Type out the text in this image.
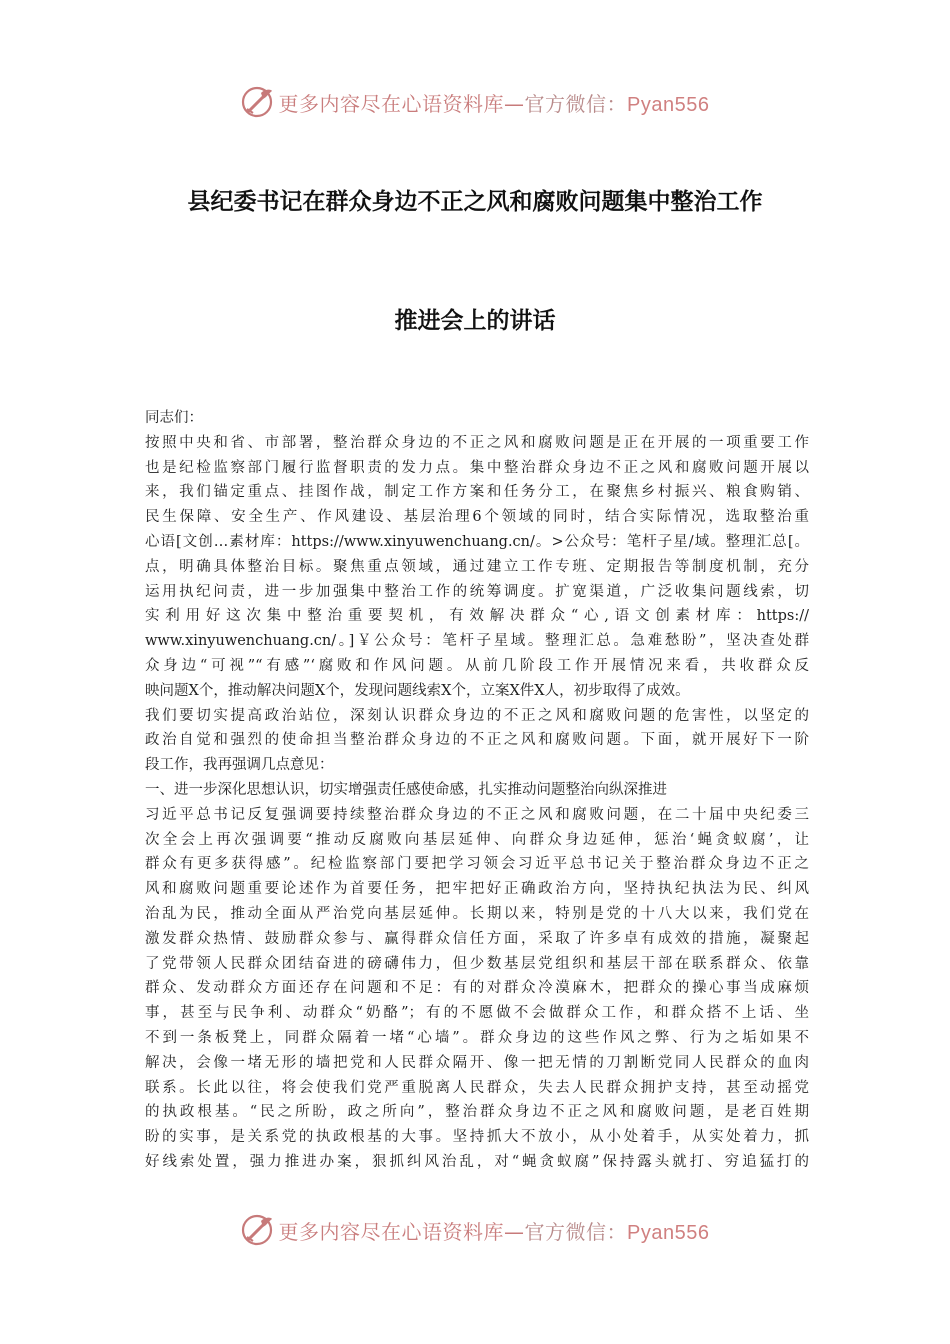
更多内容尽在心语资料库—官方微信：Pyan556
县纪委书记在群众身边不正之风和腐败问题集中整治工作
推进会上的讲话
同志们：
按照中央和省、市部署，整治群众身边的不正之风和腐败问题是正在开展的一项重要工作
也是纪检监察部门履行监督职责的发力点。集中整治群众身边不正之风和腐败问题开展以
来，我们锚定重点、挂图作战，制定工作方案和任务分工，在聚焦乡村振兴、粮食购销、
民生保障、安全生产、作风建设、基层治理6个领域的同时，结合实际情况，选取整治重
心语[文创…素材库：https://www.xinyuwenchuang.cn/。>公众号：笔杆子星/域。整理汇总[。
点，明确具体整治目标。聚焦重点领域，通过建立工作专班、定期报告等制度机制，充分
运用执纪问责，进一步加强集中整治工作的统筹调度。扩宽渠道，广泛收集问题线索，切
实利用好这次集中整治重要契机，有效解决群众“心,语文创素材库：https://
www.xinyuwenchuang.cn/。]￥公众号：笔杆子星域。整理汇总。急难愁盼”，坚决查处群
众身边“可视”“有感”‘腐败和作风问题。从前几阶段工作开展情况来看，共收群众反
映问题X个，推动解决问题X个，发现问题线索X个，立案X件X人，初步取得了成效。
我们要切实提高政治站位，深刻认识群众身边的不正之风和腐败问题的危害性，以坚定的
政治自觉和强烈的使命担当整治群众身边的不正之风和腐败问题。下面，就开展好下一阶
段工作，我再强调几点意见：
一、进一步深化思想认识，切实增强责任感使命感，扎实推动问题整治向纵深推进
习近平总书记反复强调要持续整治群众身边的不正之风和腐败问题，在二十届中央纪委三
次全会上再次强调要“推动反腐败向基层延伸、向群众身边延伸，惩治‘蝇贪蚁腐’，让
群众有更多获得感”。纪检监察部门要把学习领会习近平总书记关于整治群众身边不正之
风和腐败问题重要论述作为首要任务，把牢把好正确政治方向，坚持执纪执法为民、纠风
治乱为民，推动全面从严治党向基层延伸。长期以来，特别是党的十八大以来，我们党在
激发群众热情、鼓励群众参与、赢得群众信任方面，采取了许多卓有成效的措施，凝聚起
了党带领人民群众团结奋进的磅礴伟力，但少数基层党组织和基层干部在联系群众、依靠
群众、发动群众方面还存在问题和不足：有的对群众冷漠麻木，把群众的操心事当成麻烦
事，甚至与民争利、动群众“奶酪”；有的不愿做不会做群众工作，和群众搭不上话、坐
不到一条板凳上，同群众隔着一堵“心墙”。群众身边的这些作风之弊、行为之垢如果不
解决，会像一堵无形的墙把党和人民群众隔开、像一把无情的刀割断党同人民群众的血肉
联系。长此以往，将会使我们党严重脱离人民群众，失去人民群众拥护支持，甚至动摇党
的执政根基。“民之所盼，政之所向”，整治群众身边不正之风和腐败问题，是老百姓期
盼的实事，是关系党的执政根基的大事。坚持抓大不放小，从小处着手，从实处着力，抓
好线索处置，强力推进办案，狠抓纠风治乱，对“蝇贪蚁腐”保持露头就打、穷追猛打的
更多内容尽在心语资料库—官方微信：Pyan556
